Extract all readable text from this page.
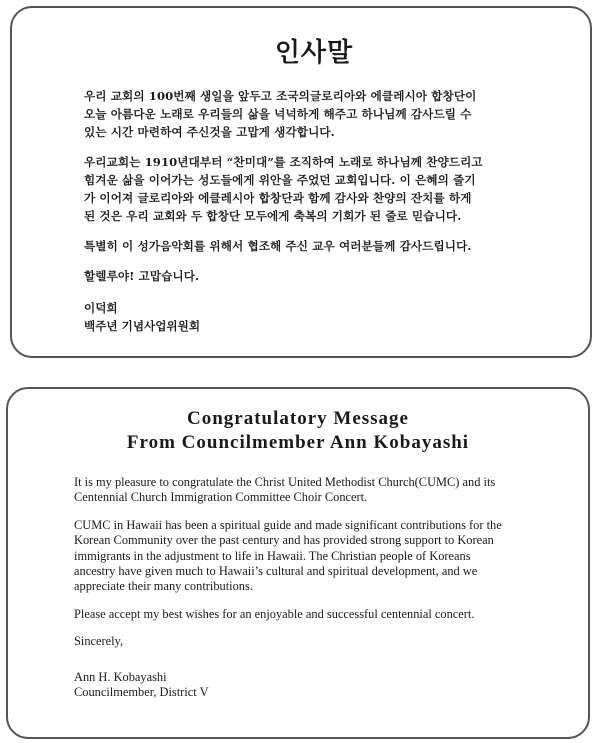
인사말

우리 교회의 100번째 생일을 앞두고 조국의글로리아와 에클레시아 합창단이
오늘 아름다운 노래로 우리들의 삶을 넉넉하게 해주고 하나님께 감사드릴 수
있는 시간 마련하여 주신것을 고맙게 생각합니다.

우리교회는 1910년대부터 “찬미대”를 조직하여 노래로 하나님께 찬양드리고
힘겨운 삶을 이어가는 성도들에게 위안을 주었던 교회입니다. 이 은혜의 줄기
가 이어져 글로리아와 에클레시아 합창단과 함께 감사와 찬양의 잔치를 하게
된 것은 우리 교회와 두 합창단 모두에게 축복의 기회가 된 줄로 믿습니다.

특별히 이 성가음악회를 위해서 협조해 주신 교우 여러분들께 감사드립니다.

할렐루야! 고맙습니다.

이덕희
백주년 기념사업위원회
Congratulatory Message
From Councilmember Ann Kobayashi

It is my pleasure to congratulate the Christ United Methodist Church(CUMC) and its
Centennial Church Immigration Committee Choir Concert.

CUMC in Hawaii has been a spiritual guide and made significant contributions for the
Korean Community over the past century and has provided strong support to Korean
immigrants in the adjustment to life in Hawaii. The Christian people of Koreans
ancestry have given much to Hawaii’s cultural and spiritual development, and we
appreciate their many contributions.

Please accept my best wishes for an enjoyable and successful centennial concert.

Sincerely,

Ann H. Kobayashi
Councilmember, District V
